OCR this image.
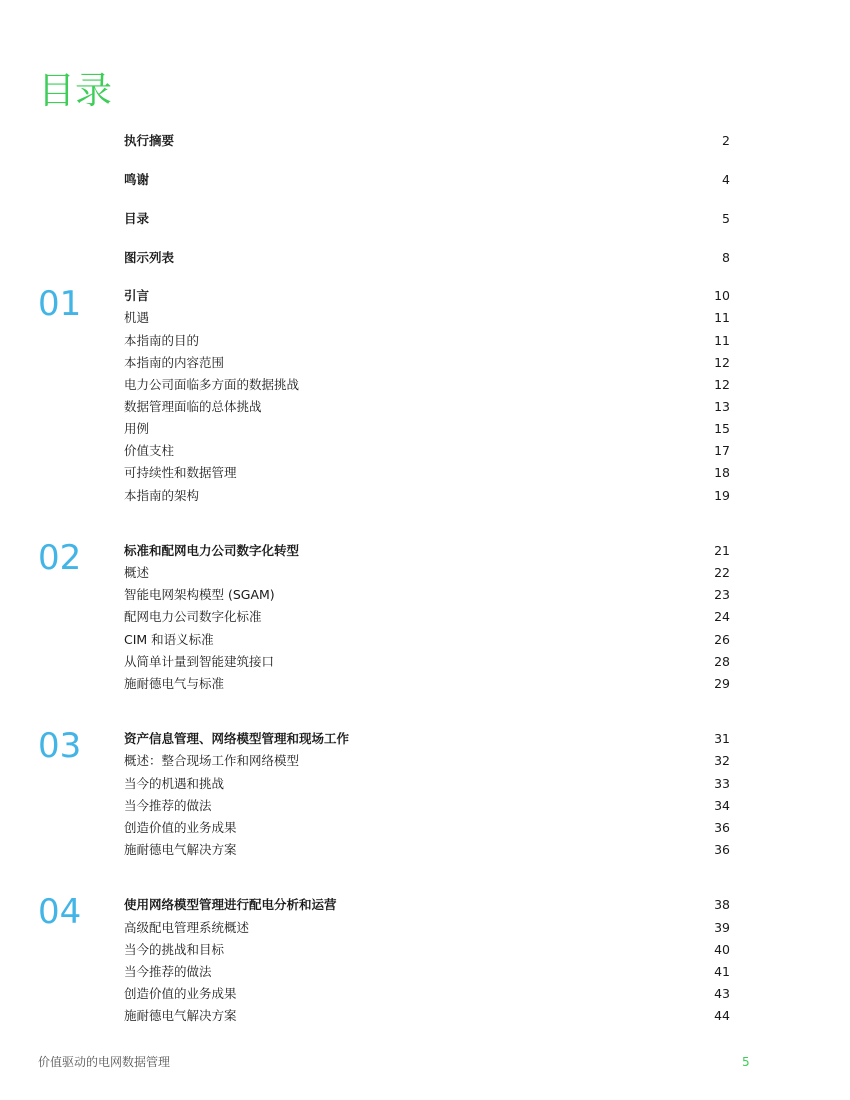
目录
执行摘要	2
鸣谢	4
目录	5
图示列表	8
01	引言	10
机遇	11
本指南的目的	11
本指南的内容范围	12
电力公司面临多方面的数据挑战	12
数据管理面临的总体挑战	13
用例	15
价值支柱	17
可持续性和数据管理	18
本指南的架构	19
02	标准和配网电力公司数字化转型	21
概述	22
智能电网架构模型 (SGAM)	23
配网电力公司数字化标准	24
CIM 和语义标准	26
从简单计量到智能建筑接口	28
施耐德电气与标准	29
03	资产信息管理、网络模型管理和现场工作	31
概述：整合现场工作和网络模型	32
当今的机遇和挑战	33
当今推荐的做法	34
创造价值的业务成果	36
施耐德电气解决方案	36
04	使用网络模型管理进行配电分析和运营	38
高级配电管理系统概述	39
当今的挑战和目标	40
当今推荐的做法	41
创造价值的业务成果	43
施耐德电气解决方案	44
价值驱动的电网数据管理	5
